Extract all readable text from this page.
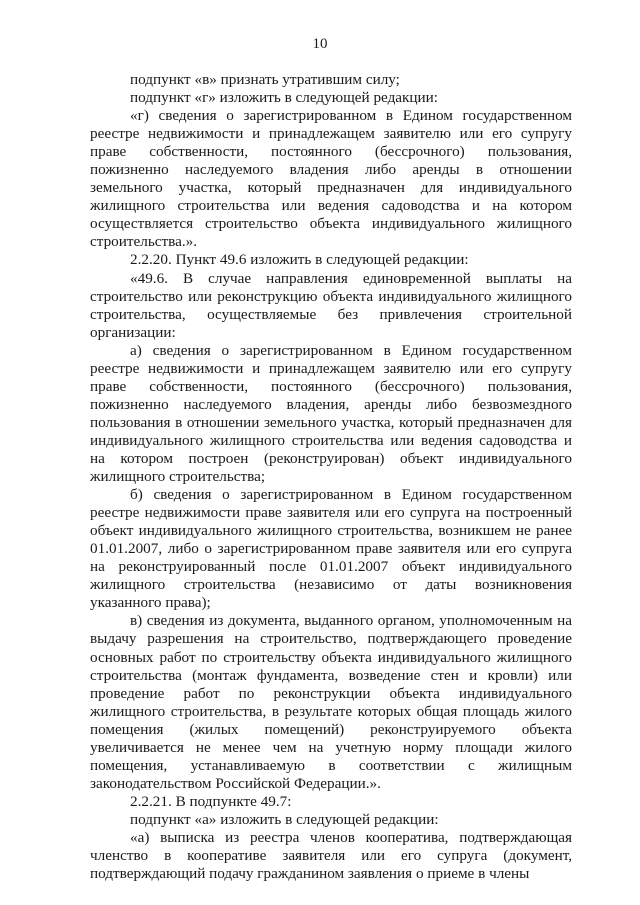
10

подпункт «в» признать утратившим силу;

подпункт «г» изложить в следующей редакции:

«г) сведения о зарегистрированном в Едином государственном реестре недвижимости и принадлежащем заявителю или его супругу праве собственности, постоянного (бессрочного) пользования, пожизненно наследуемого владения либо аренды в отношении земельного участка, который предназначен для индивидуального жилищного строительства или ведения садоводства и на котором осуществляется строительство объекта индивидуального жилищного строительства.».

2.2.20. Пункт 49.6 изложить в следующей редакции:

«49.6. В случае направления единовременной выплаты на строительство или реконструкцию объекта индивидуального жилищного строительства, осуществляемые без привлечения строительной организации:

а) сведения о зарегистрированном в Едином государственном реестре недвижимости и принадлежащем заявителю или его супругу праве собственности, постоянного (бессрочного) пользования, пожизненно наследуемого владения, аренды либо безвозмездного пользования в отношении земельного участка, который предназначен для индивидуального жилищного строительства или ведения садоводства и на котором построен (реконструирован) объект индивидуального жилищного строительства;

б) сведения о зарегистрированном в Едином государственном реестре недвижимости праве заявителя или его супруга на построенный объект индивидуального жилищного строительства, возникшем не ранее 01.01.2007, либо о зарегистрированном праве заявителя или его супруга на реконструированный после 01.01.2007 объект индивидуального жилищного строительства (независимо от даты возникновения указанного права);

в) сведения из документа, выданного органом, уполномоченным на выдачу разрешения на строительство, подтверждающего проведение основных работ по строительству объекта индивидуального жилищного строительства (монтаж фундамента, возведение стен и кровли) или проведение работ по реконструкции объекта индивидуального жилищного строительства, в результате которых общая площадь жилого помещения (жилых помещений) реконструируемого объекта увеличивается не менее чем на учетную норму площади жилого помещения, устанавливаемую в соответствии с жилищным законодательством Российской Федерации.».

2.2.21. В подпункте 49.7:

подпункт «а» изложить в следующей редакции:

«а) выписка из реестра членов кооператива, подтверждающая членство в кооперативе заявителя или его супруга (документ, подтверждающий подачу гражданином заявления о приеме в члены
